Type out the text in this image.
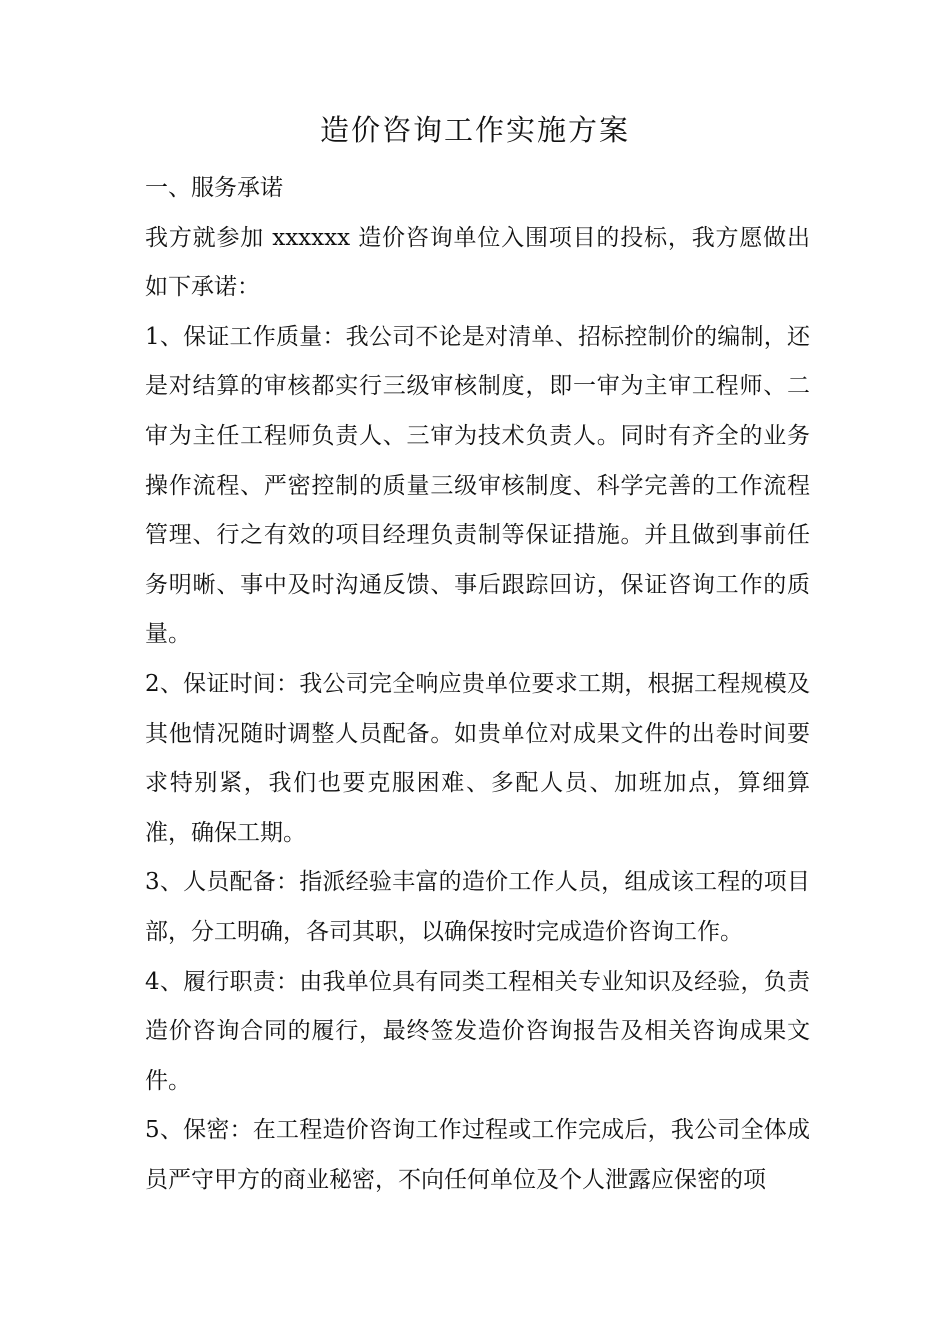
造价咨询工作实施方案

一、服务承诺

我方就参加 xxxxxx 造价咨询单位入围项目的投标，我方愿做出如下承诺：

1、保证工作质量：我公司不论是对清单、招标控制价的编制，还是对结算的审核都实行三级审核制度，即一审为主审工程师、二审为主任工程师负责人、三审为技术负责人。同时有齐全的业务操作流程、严密控制的质量三级审核制度、科学完善的工作流程管理、行之有效的项目经理负责制等保证措施。并且做到事前任务明晰、事中及时沟通反馈、事后跟踪回访，保证咨询工作的质量。

2、保证时间：我公司完全响应贵单位要求工期，根据工程规模及其他情况随时调整人员配备。如贵单位对成果文件的出卷时间要求特别紧，我们也要克服困难、多配人员、加班加点，算细算准，确保工期。

3、人员配备：指派经验丰富的造价工作人员，组成该工程的项目部，分工明确，各司其职，以确保按时完成造价咨询工作。

4、履行职责：由我单位具有同类工程相关专业知识及经验，负责造价咨询合同的履行，最终签发造价咨询报告及相关咨询成果文件。

5、保密：在工程造价咨询工作过程或工作完成后，我公司全体成员严守甲方的商业秘密，不向任何单位及个人泄露应保密的项
